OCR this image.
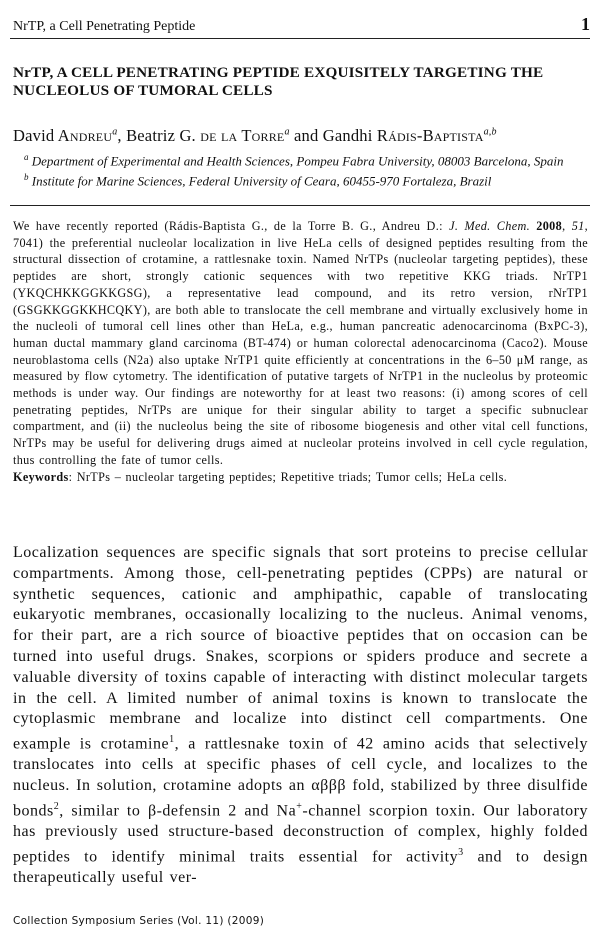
NrTP, a Cell Penetrating Peptide	1
NrTP, A CELL PENETRATING PEPTIDE EXQUISITELY TARGETING THE NUCLEOLUS OF TUMORAL CELLS
David Andreu$^a$, Beatriz G. de la Torre$^a$ and Gandhi Rádis-Baptista$^{a,b}$
$^a$ Department of Experimental and Health Sciences, Pompeu Fabra University, 08003 Barcelona, Spain
$^b$ Institute for Marine Sciences, Federal University of Ceara, 60455-970 Fortaleza, Brazil
We have recently reported (Rádis-Baptista G., de la Torre B. G., Andreu D.: J. Med. Chem. 2008, 51, 7041) the preferential nucleolar localization in live HeLa cells of designed peptides resulting from the structural dissection of crotamine, a rattlesnake toxin. Named NrTPs (nucleolar targeting peptides), these peptides are short, strongly cationic sequences with two repetitive KKG triads. NrTP1 (YKQCHKKGGKKGSG), a representative lead compound, and its retro version, rNrTP1 (GSGKKGGKKHCQKY), are both able to translocate the cell membrane and virtually exclusively home in the nucleoli of tumoral cell lines other than HeLa, e.g., human pancreatic adenocarcinoma (BxPC-3), human ductal mammary gland carcinoma (BT-474) or human colorectal adenocarcinoma (Caco2). Mouse neuroblastoma cells (N2a) also uptake NrTP1 quite efficiently at concentrations in the 6–50 μM range, as measured by flow cytometry. The identification of putative targets of NrTP1 in the nucleolus by proteomic methods is under way. Our findings are noteworthy for at least two reasons: (i) among scores of cell penetrating peptides, NrTPs are unique for their singular ability to target a specific subnuclear compartment, and (ii) the nucleolus being the site of ribosome biogenesis and other vital cell functions, NrTPs may be useful for delivering drugs aimed at nucleolar proteins involved in cell cycle regulation, thus controlling the fate of tumor cells.
Keywords: NrTPs – nucleolar targeting peptides; Repetitive triads; Tumor cells; HeLa cells.
Localization sequences are specific signals that sort proteins to precise cellular compartments. Among those, cell-penetrating peptides (CPPs) are natural or synthetic sequences, cationic and amphipathic, capable of translocating eukaryotic membranes, occasionally localizing to the nucleus. Animal venoms, for their part, are a rich source of bioactive peptides that on occasion can be turned into useful drugs. Snakes, scorpions or spiders produce and secrete a valuable diversity of toxins capable of interacting with distinct molecular targets in the cell. A limited number of animal toxins is known to translocate the cytoplasmic membrane and localize into distinct cell compartments. One example is crotamine$^1$, a rattlesnake toxin of 42 amino acids that selectively translocates into cells at specific phases of cell cycle, and localizes to the nucleus. In solution, crotamine adopts an αβββ fold, stabilized by three disulfide bonds$^2$, similar to β-defensin 2 and Na+-channel scorpion toxin. Our laboratory has previously used structure-based deconstruction of complex, highly folded peptides to identify minimal traits essential for activity$^3$ and to design therapeutically useful ver-
Collection Symposium Series (Vol. 11) (2009)
